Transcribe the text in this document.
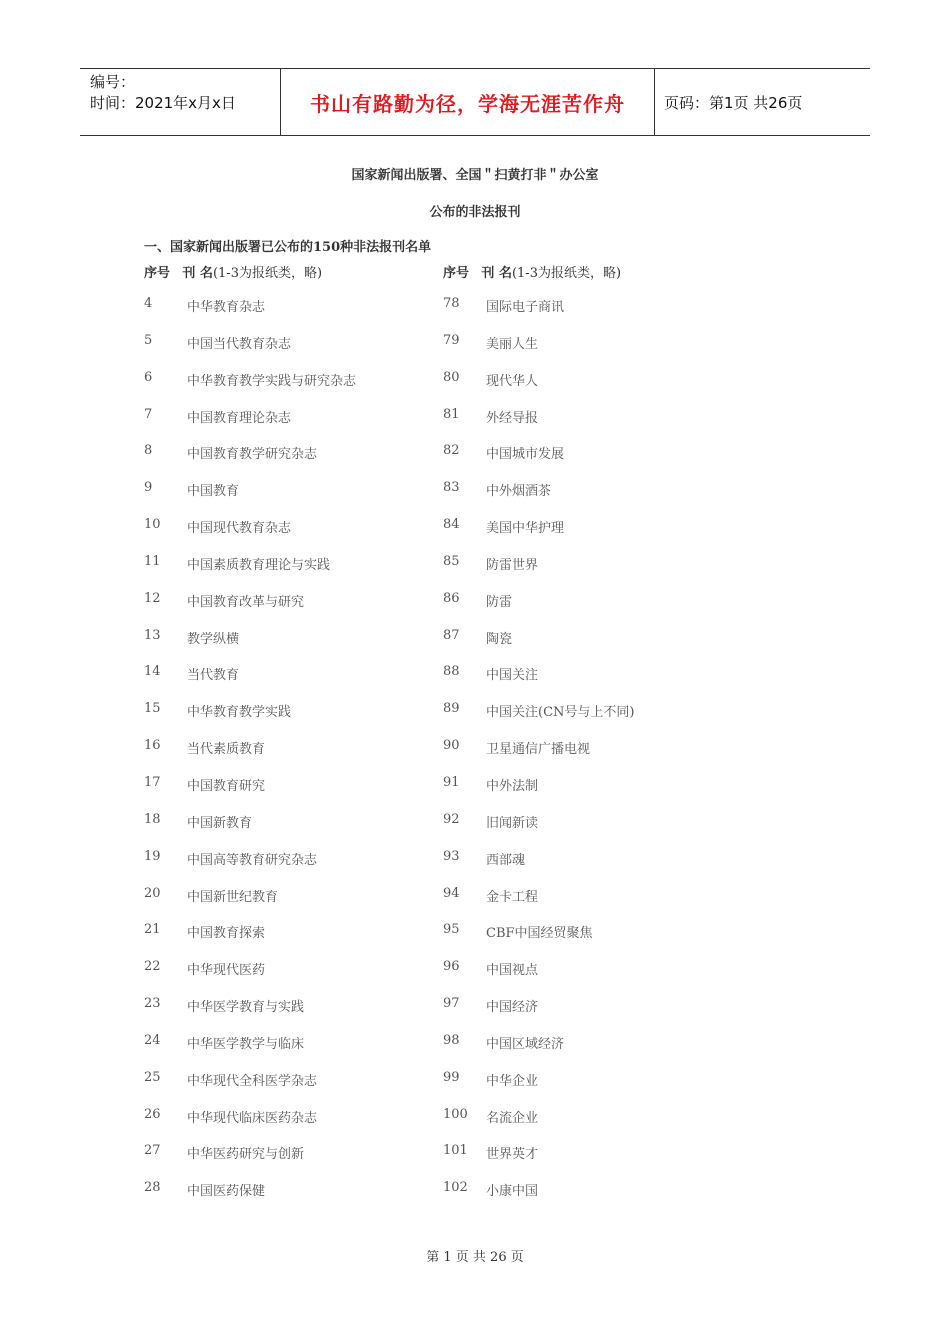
编号：
时间：2021年x月x日	书山有路勤为径，学海无涯苦作舟	页码：第1页 共26页
国家新闻出版署、全国＂扫黄打非＂办公室
公布的非法报刊
一、国家新闻出版署已公布的150种非法报刊名单
序号 刊 名(1-3为报纸类，略)	序号 刊 名(1-3为报纸类，略)
4	中华教育杂志	78 国际电子商讯
5	中国当代教育杂志	79 美丽人生
6	中华教育教学实践与研究杂志	80 现代华人
7	中国教育理论杂志	81 外经导报
8	中国教育教学研究杂志	82 中国城市发展
9	中国教育	83 中外烟酒茶
10 中国现代教育杂志	84 美国中华护理
11 中国素质教育理论与实践	85 防雷世界
12 中国教育改革与研究	86 防雷
13 教学纵横	87 陶瓷
14 当代教育	88 中国关注
15 中华教育教学实践	89 中国关注(CN号与上不同)
16 当代素质教育	90 卫星通信广播电视
17 中国教育研究	91 中外法制
18 中国新教育	92 旧闻新读
19 中国高等教育研究杂志	93 西部魂
20 中国新世纪教育	94 金卡工程
21 中国教育探索	95 CBF中国经贸聚焦
22 中华现代医药	96 中国视点
23 中华医学教育与实践	97 中国经济
24 中华医学教学与临床	98 中国区域经济
25 中华现代全科医学杂志	99 中华企业
26 中华现代临床医药杂志	100 名流企业
27 中华医药研究与创新	101 世界英才
28 中国医药保健	102 小康中国
第 1 页 共 26 页
